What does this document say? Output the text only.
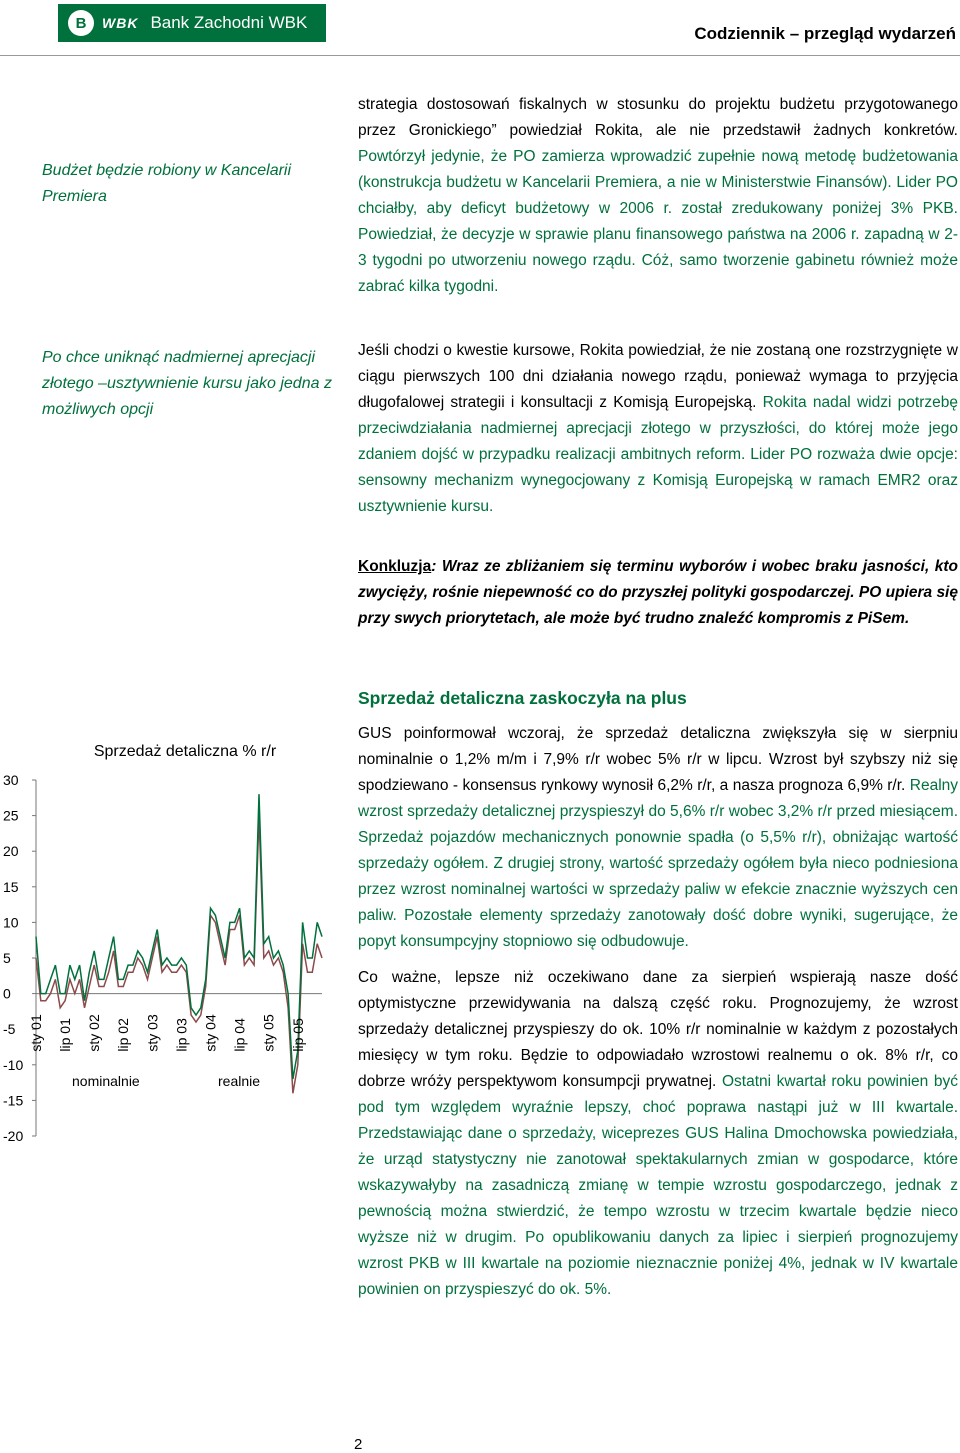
B	WBK Bank Zachodni WBK
Codziennik – przegląd wydarzeń
Budżet będzie robiony w Kancelarii Premiera
Po chce uniknąć nadmiernej aprecjacji złotego –usztywnienie kursu jako jedna z możliwych opcji

strategia dostosowań fiskalnych w stosunku do projektu budżetu przygotowanego przez Gronickiego” powiedział Rokita, ale nie przedstawił żadnych konkretów. Powtórzył jedynie, że PO zamierza wprowadzić zupełnie nową metodę budżetowania (konstrukcja budżetu w Kancelarii Premiera, a nie w Ministerstwie Finansów). Lider PO chciałby, aby deficyt budżetowy w 2006 r. został zredukowany poniżej 3% PKB. Powiedział, że decyzje w sprawie planu finansowego państwa na 2006 r. zapadną w 2-3 tygodni po utworzeniu nowego rządu. Cóż, samo tworzenie gabinetu również może zabrać kilka tygodni.

Jeśli chodzi o kwestie kursowe, Rokita powiedział, że nie zostaną one rozstrzygnięte w ciągu pierwszych 100 dni działania nowego rządu, ponieważ wymaga to przyjęcia długofalowej strategii i konsultacji z Komisją Europejską. Rokita nadal widzi potrzebę przeciwdziałania nadmiernej aprecjacji złotego w przyszłości, do której może jego zdaniem dojść w przypadku realizacji ambitnych reform. Lider PO rozważa dwie opcje: sensowny mechanizm wynegocjowany z Komisją Europejską w ramach EMR2 oraz usztywnienie kursu.

Konkluzja: Wraz ze zbliżaniem się terminu wyborów i wobec braku jasności, kto zwycięży, rośnie niepewność co do przyszłej polityki gospodarczej. PO upiera się przy swych priorytetach, ale może być trudno znaleźć kompromis z PiSem.

Sprzedaż detaliczna zaskoczyła na plus

GUS poinformował wczoraj, że sprzedaż detaliczna zwiększyła się w sierpniu nominalnie o 1,2% m/m i 7,9% r/r wobec 5% r/r w lipcu. Wzrost był szybszy niż się spodziewano - konsensus rynkowy wynosił 6,2% r/r, a nasza prognoza 6,9% r/r. Realny wzrost sprzedaży detalicznej przyspieszył do 5,6% r/r wobec 3,2% r/r przed miesiącem. Sprzedaż pojazdów mechanicznych ponownie spadła (o 5,5% r/r), obniżając wartość sprzedaży ogółem. Z drugiej strony, wartość sprzedaży ogółem była nieco podniesiona przez wzrost nominalnej wartości w sprzedaży paliw w efekcie znacznie wyższych cen paliw. Pozostałe elementy sprzedaży zanotowały dość dobre wyniki, sugerujące, że popyt konsumpcyjny stopniowo się odbudowuje.

Co ważne, lepsze niż oczekiwano dane za sierpień wspierają nasze dość optymistyczne przewidywania na dalszą część roku. Prognozujemy, że wzrost sprzedaży detalicznej przyspieszy do ok. 10% r/r nominalnie w każdym z pozostałych miesięcy w tym roku. Będzie to odpowiadało wzrostowi realnemu o ok. 8% r/r, co dobrze wróży perspektywom konsumpcji prywatnej. Ostatni kwartał roku powinien być pod tym względem wyraźnie lepszy, choć poprawa nastąpi już w III kwartale. Przedstawiając dane o sprzedaży, wiceprezes GUS Halina Dmochowska powiedziała, że urząd statystyczny nie zanotował spektakularnych zmian w gospodarce, które wskazywałyby na zasadniczą zmianę w tempie wzrostu gospodarczego, jednak z pewnością można stwierdzić, że tempo wzrostu w trzecim kwartale będzie nieco wyższe niż w drugim. Po opublikowaniu danych za lipiec i sierpień prognozujemy wzrost PKB w III kwartale na poziomie nieznacznie poniżej 4%, jednak w IV kwartale powinien on przyspieszyć do ok. 5%.

Sprzedaż detaliczna % r/r
30
25
20
15
10
5
0
-5
-10
-15
-20
sty 01 lip 01 sty 02 lip 02 sty 03 lip 03 sty 04 lip 04 sty 05 lip 05
nominalnie	realnie
2
